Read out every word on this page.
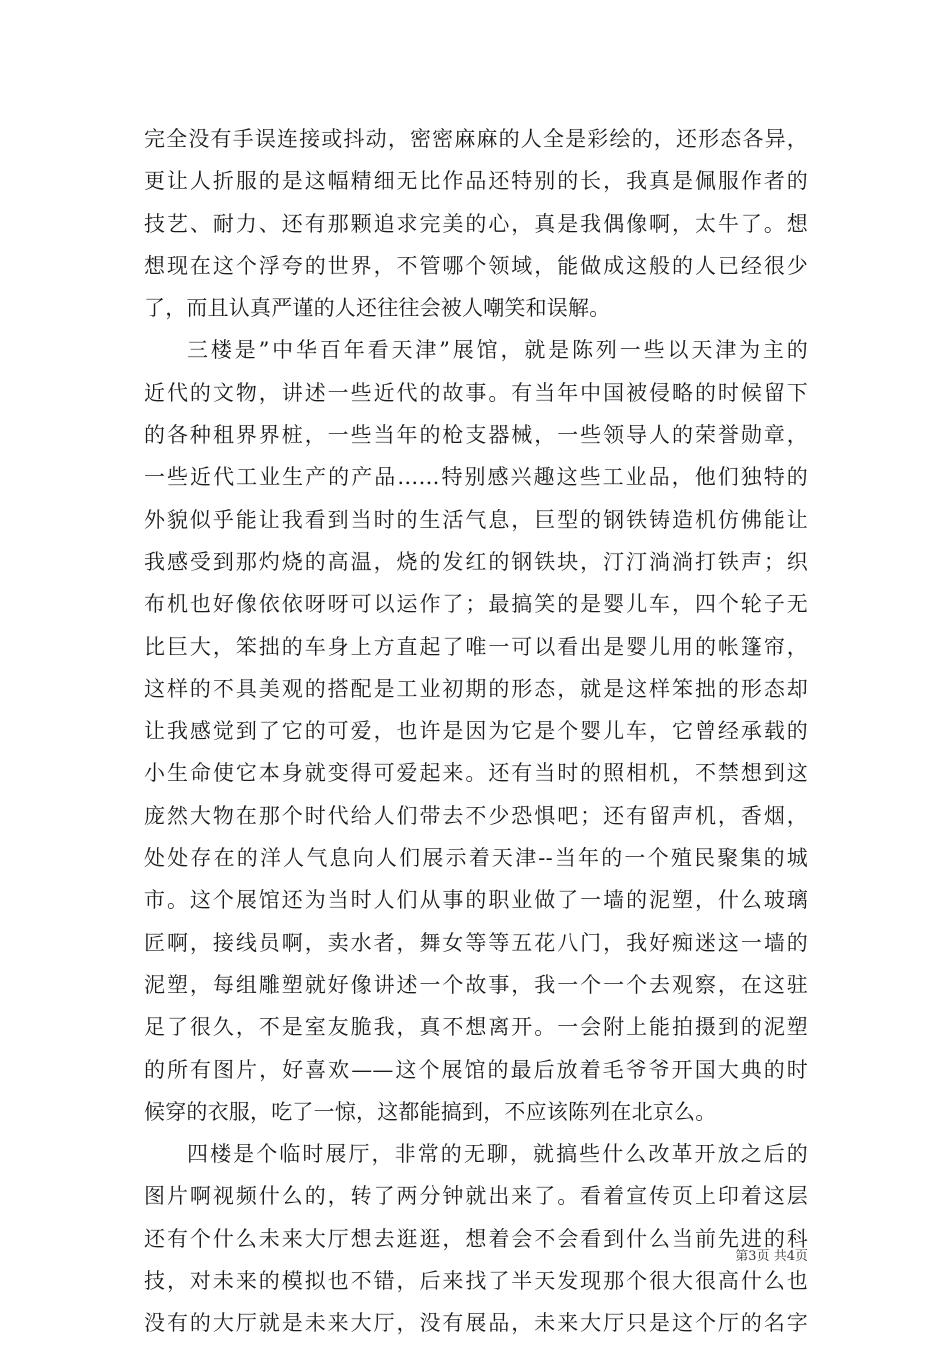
完全没有手误连接或抖动，密密麻麻的人全是彩绘的，还形态各异，
更让人折服的是这幅精细无比作品还特别的长，我真是佩服作者的
技艺、耐力、还有那颗追求完美的心，真是我偶像啊，太牛了。想
想现在这个浮夸的世界，不管哪个领域，能做成这般的人已经很少
了，而且认真严谨的人还往往会被人嘲笑和误解。
三楼是”中华百年看天津”展馆，就是陈列一些以天津为主的
近代的文物，讲述一些近代的故事。有当年中国被侵略的时候留下
的各种租界界桩，一些当年的枪支器械，一些领导人的荣誉勋章，
一些近代工业生产的产品……特别感兴趣这些工业品，他们独特的
外貌似乎能让我看到当时的生活气息，巨型的钢铁铸造机仿佛能让
我感受到那灼烧的高温，烧的发红的钢铁块，汀汀淌淌打铁声；织
布机也好像依依呀呀可以运作了；最搞笑的是婴儿车，四个轮子无
比巨大，笨拙的车身上方直起了唯一可以看出是婴儿用的帐篷帘，
这样的不具美观的搭配是工业初期的形态，就是这样笨拙的形态却
让我感觉到了它的可爱，也许是因为它是个婴儿车，它曾经承载的
小生命使它本身就变得可爱起来。还有当时的照相机，不禁想到这
庞然大物在那个时代给人们带去不少恐惧吧；还有留声机，香烟，
处处存在的洋人气息向人们展示着天津--当年的一个殖民聚集的城
市。这个展馆还为当时人们从事的职业做了一墙的泥塑，什么玻璃
匠啊，接线员啊，卖水者，舞女等等五花八门，我好痴迷这一墙的
泥塑，每组雕塑就好像讲述一个故事，我一个一个去观察，在这驻
足了很久，不是室友脆我，真不想离开。一会附上能拍摄到的泥塑
的所有图片，好喜欢——这个展馆的最后放着毛爷爷开国大典的时
候穿的衣服，吃了一惊，这都能搞到，不应该陈列在北京么。
四楼是个临时展厅，非常的无聊，就搞些什么改革开放之后的
图片啊视频什么的，转了两分钟就出来了。看着宣传页上印着这层
还有个什么未来大厅想去逛逛，想着会不会看到什么当前先进的科
技，对未来的模拟也不错，后来找了半天发现那个很大很高什么也
没有的大厅就是未来大厅，没有展品，未来大厅只是这个厅的名字
第3页 共4页
